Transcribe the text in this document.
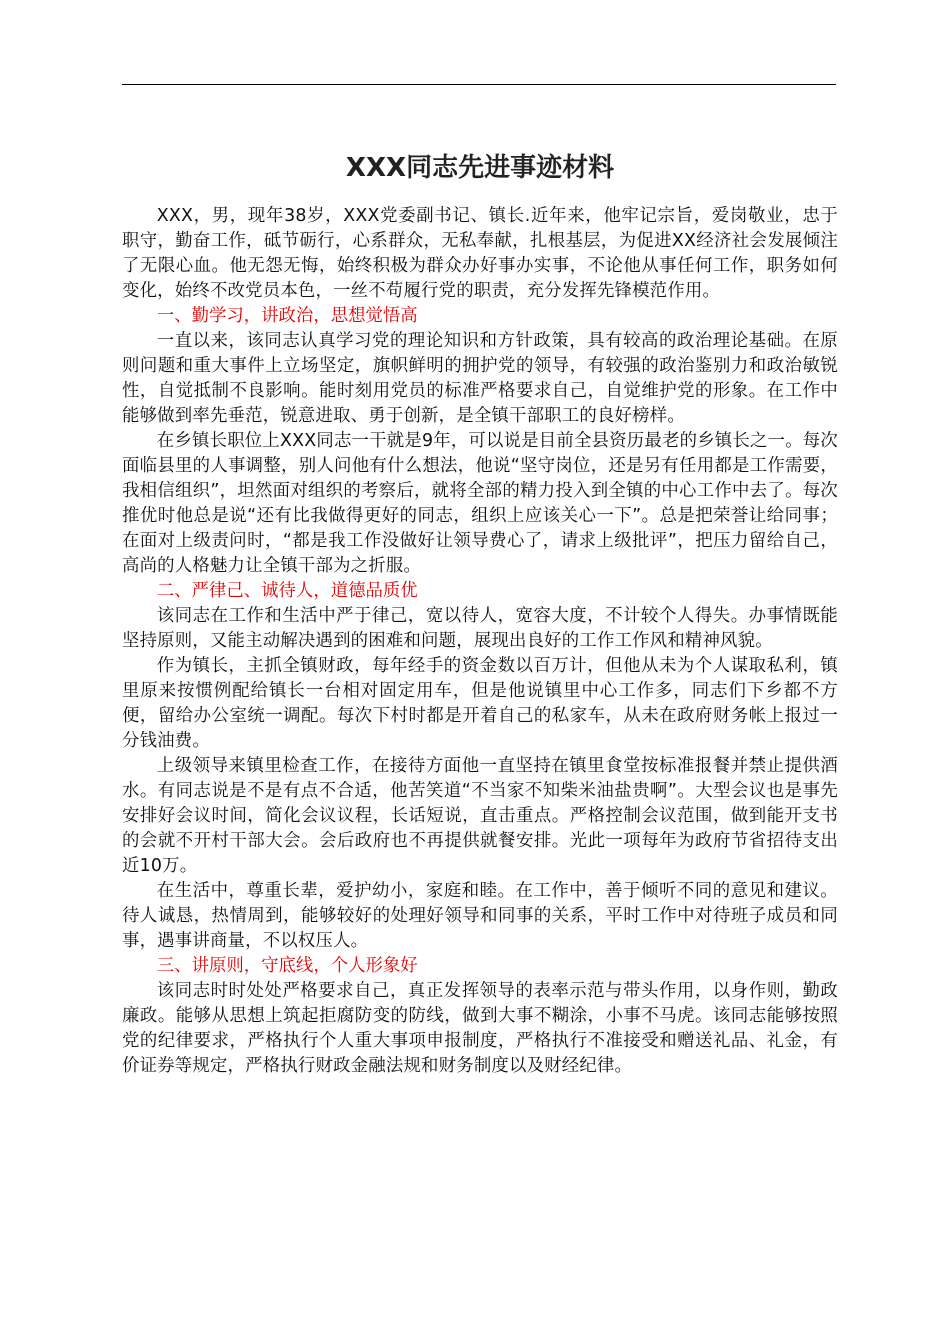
XXX同志先进事迹材料

XXX，男，现年38岁，XXX党委副书记、镇长.近年来，他牢记宗旨，爱岗敬业，忠于职守，勤奋工作，砥节砺行，心系群众，无私奉献，扎根基层，为促进XX经济社会发展倾注了无限心血。他无怨无悔，始终积极为群众办好事办实事，不论他从事任何工作，职务如何变化，始终不改党员本色，一丝不苟履行党的职责，充分发挥先锋模范作用。

一、勤学习，讲政治，思想觉悟高

一直以来，该同志认真学习党的理论知识和方针政策，具有较高的政治理论基础。在原则问题和重大事件上立场坚定，旗帜鲜明的拥护党的领导，有较强的政治鉴别力和政治敏锐性，自觉抵制不良影响。能时刻用党员的标准严格要求自己，自觉维护党的形象。在工作中能够做到率先垂范，锐意进取、勇于创新，是全镇干部职工的良好榜样。

在乡镇长职位上XXX同志一干就是9年，可以说是目前全县资历最老的乡镇长之一。每次面临县里的人事调整，别人问他有什么想法，他说“坚守岗位，还是另有任用都是工作需要，我相信组织”，坦然面对组织的考察后，就将全部的精力投入到全镇的中心工作中去了。每次推优时他总是说“还有比我做得更好的同志，组织上应该关心一下”。总是把荣誉让给同事；在面对上级责问时，“都是我工作没做好让领导费心了，请求上级批评”，把压力留给自己，高尚的人格魅力让全镇干部为之折服。

二、严律己、诚待人，道德品质优

该同志在工作和生活中严于律己，宽以待人，宽容大度，不计较个人得失。办事情既能坚持原则，又能主动解决遇到的困难和问题，展现出良好的工作工作风和精神风貌。

作为镇长，主抓全镇财政，每年经手的资金数以百万计，但他从未为个人谋取私利，镇里原来按惯例配给镇长一台相对固定用车，但是他说镇里中心工作多，同志们下乡都不方便，留给办公室统一调配。每次下村时都是开着自己的私家车，从未在政府财务帐上报过一分钱油费。

上级领导来镇里检查工作，在接待方面他一直坚持在镇里食堂按标准报餐并禁止提供酒水。有同志说是不是有点不合适，他苦笑道“不当家不知柴米油盐贵啊”。大型会议也是事先安排好会议时间，简化会议议程，长话短说，直击重点。严格控制会议范围，做到能开支书的会就不开村干部大会。会后政府也不再提供就餐安排。光此一项每年为政府节省招待支出近10万。

在生活中，尊重长辈，爱护幼小，家庭和睦。在工作中，善于倾听不同的意见和建议。待人诚恳，热情周到，能够较好的处理好领导和同事的关系，平时工作中对待班子成员和同事，遇事讲商量，不以权压人。

三、讲原则，守底线，个人形象好

该同志时时处处严格要求自己，真正发挥领导的表率示范与带头作用，以身作则，勤政廉政。能够从思想上筑起拒腐防变的防线，做到大事不糊涂，小事不马虎。该同志能够按照党的纪律要求，严格执行个人重大事项申报制度，严格执行不准接受和赠送礼品、礼金，有价证券等规定，严格执行财政金融法规和财务制度以及财经纪律。
